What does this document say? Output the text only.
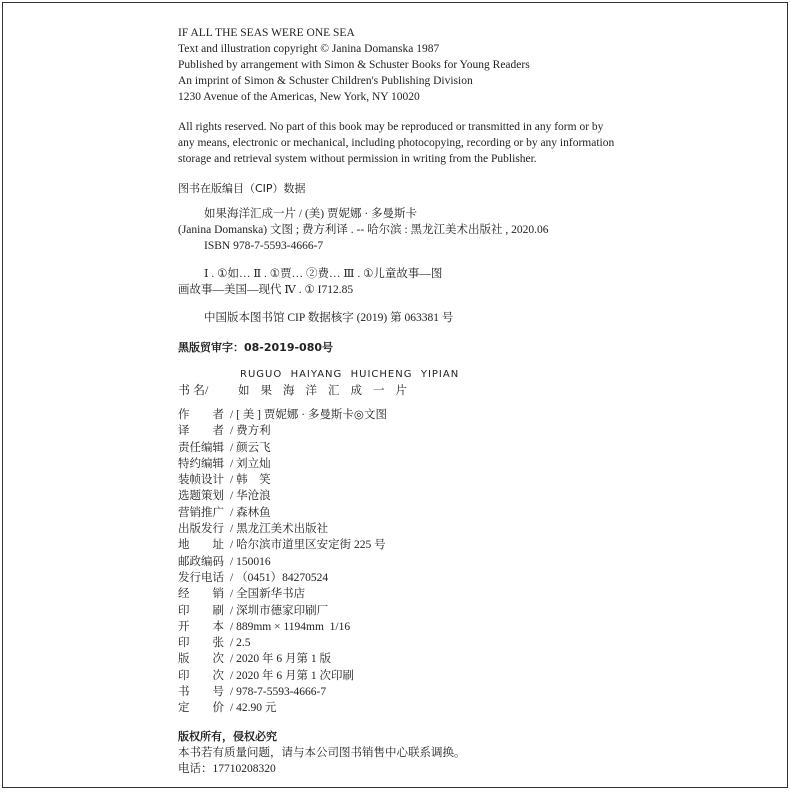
IF ALL THE SEAS WERE ONE SEA
Text and illustration copyright © Janina Domanska 1987
Published by arrangement with Simon & Schuster Books for Young Readers
An imprint of Simon & Schuster Children's Publishing Division
1230 Avenue of the Americas, New York, NY 10020
All rights reserved. No part of this book may be reproduced or transmitted in any form or by
any means, electronic or mechanical, including photocopying, recording or by any information
storage and retrieval system without permission in writing from the Publisher.
图书在版编目（CIP）数据
如果海洋汇成一片 / (美) 贾妮娜 · 多曼斯卡
(Janina Domanska) 文图 ; 费方利译 . -- 哈尔滨 : 黑龙江美术出版社 , 2020.06
ISBN 978-7-5593-4666-7
Ⅰ . ①如… Ⅱ . ①贾… ②费… Ⅲ . ①儿童故事—图
画故事—美国—现代 Ⅳ . ① I712.85
中国版本图书馆 CIP 数据核字 (2019) 第 063381 号
黑版贸审字：08-2019-080号
RUGUO  HAIYANG  HUICHENG  YIPIAN
书 名/	如果海洋汇成一片
作        者 / [ 美 ] 贾妮娜 · 多曼斯卡◎文图
译        者 / 费方利
责任编辑 / 颜云飞
特约编辑 / 刘立灿
装帧设计 / 韩    笑
选题策划 / 华沧浪
营销推广 / 森林鱼
出版发行 / 黑龙江美术出版社
地        址 / 哈尔滨市道里区安定街 225 号
邮政编码 / 150016
发行电话 / （0451）84270524
经        销 / 全国新华书店
印        刷 / 深圳市德家印刷厂
开        本 / 889mm × 1194mm  1/16
印        张 / 2.5
版        次 / 2020 年 6 月第 1 版
印        次 / 2020 年 6 月第 1 次印刷
书        号 / 978-7-5593-4666-7
定        价 / 42.90 元
版权所有，侵权必究
本书若有质量问题，请与本公司图书销售中心联系调换。
电话：17710208320
